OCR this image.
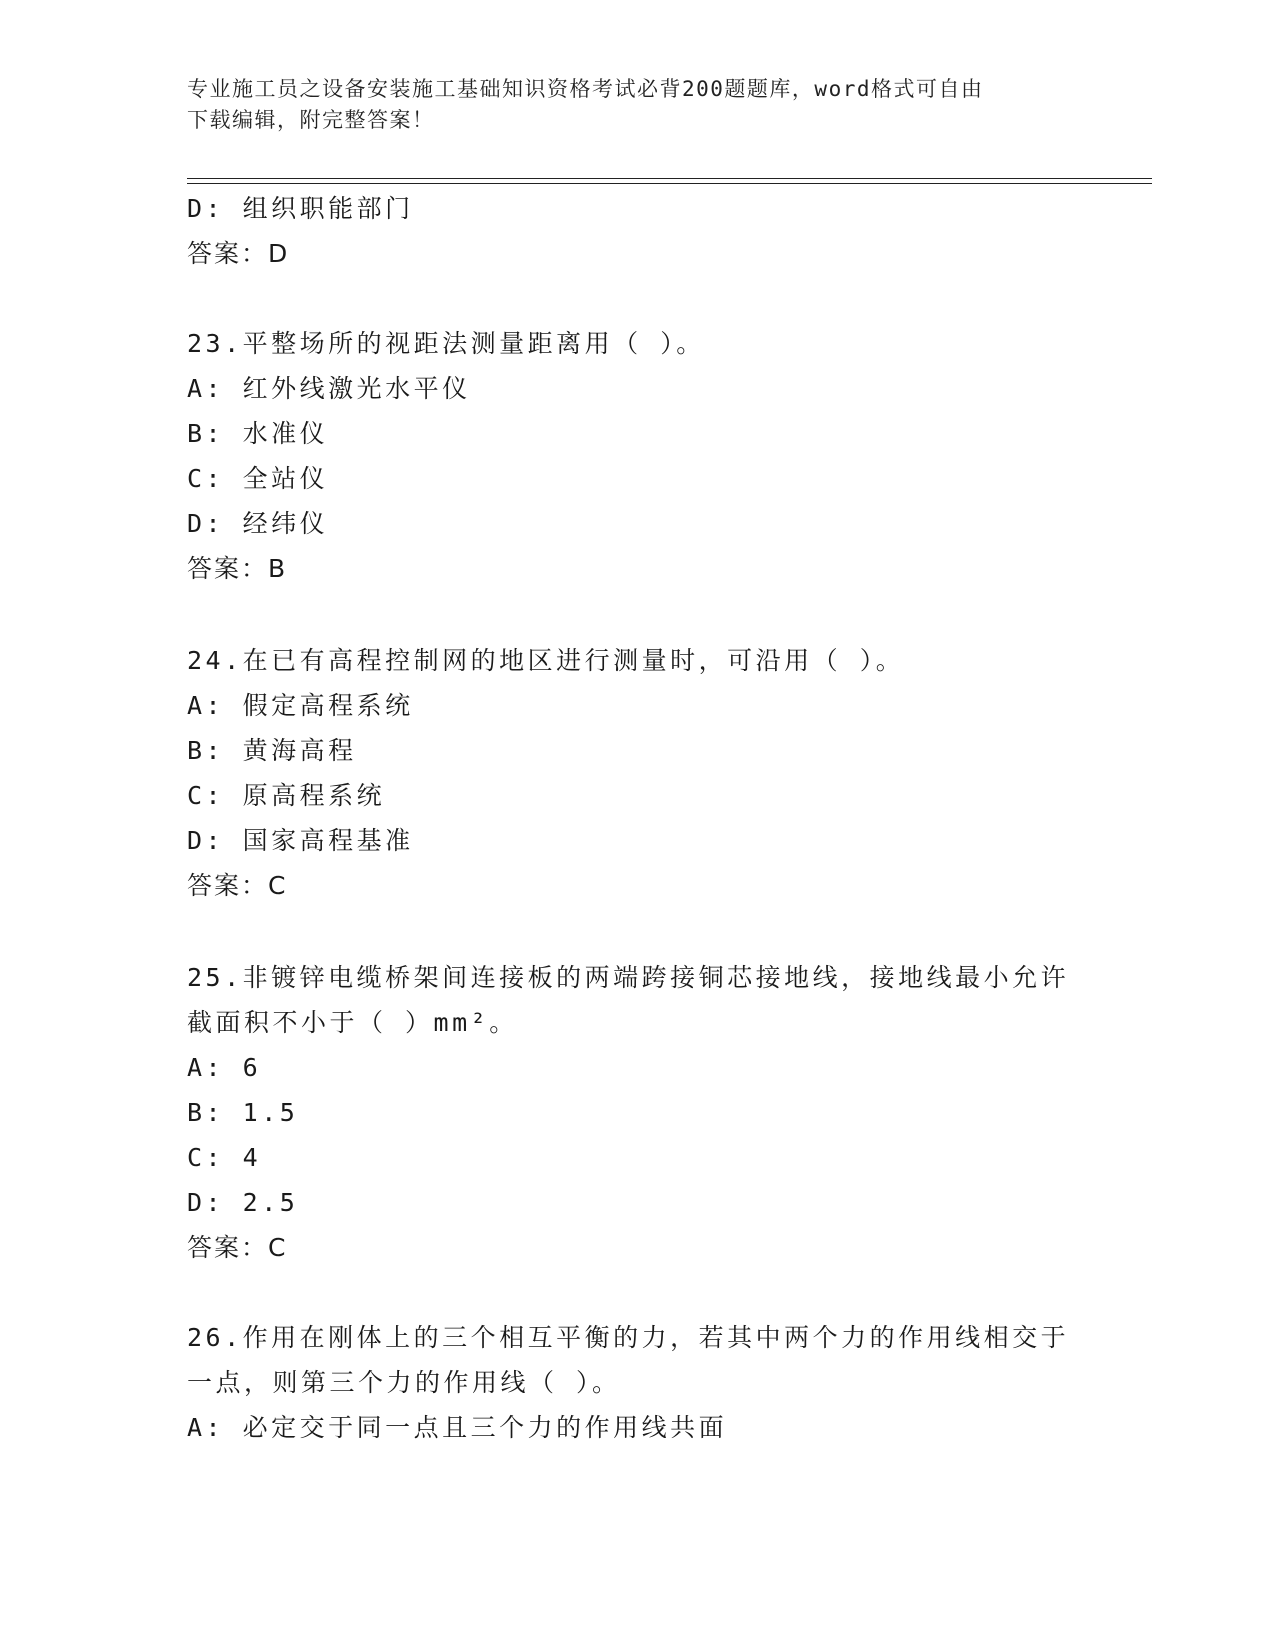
专业施工员之设备安装施工基础知识资格考试必背200题题库，word格式可自由
下载编辑，附完整答案！
D: 组织职能部门
答案：D
23.平整场所的视距法测量距离用（ ）。
A: 红外线激光水平仪
B: 水准仪
C: 全站仪
D: 经纬仪
答案：B
24.在已有高程控制网的地区进行测量时，可沿用（ ）。
A: 假定高程系统
B: 黄海高程
C: 原高程系统
D: 国家高程基准
答案：C
25.非镀锌电缆桥架间连接板的两端跨接铜芯接地线，接地线最小允许
截面积不小于（ ）mm²。
A: 6
B: 1.5
C: 4
D: 2.5
答案：C
26.作用在刚体上的三个相互平衡的力，若其中两个力的作用线相交于
一点，则第三个力的作用线（ ）。
A: 必定交于同一点且三个力的作用线共面
